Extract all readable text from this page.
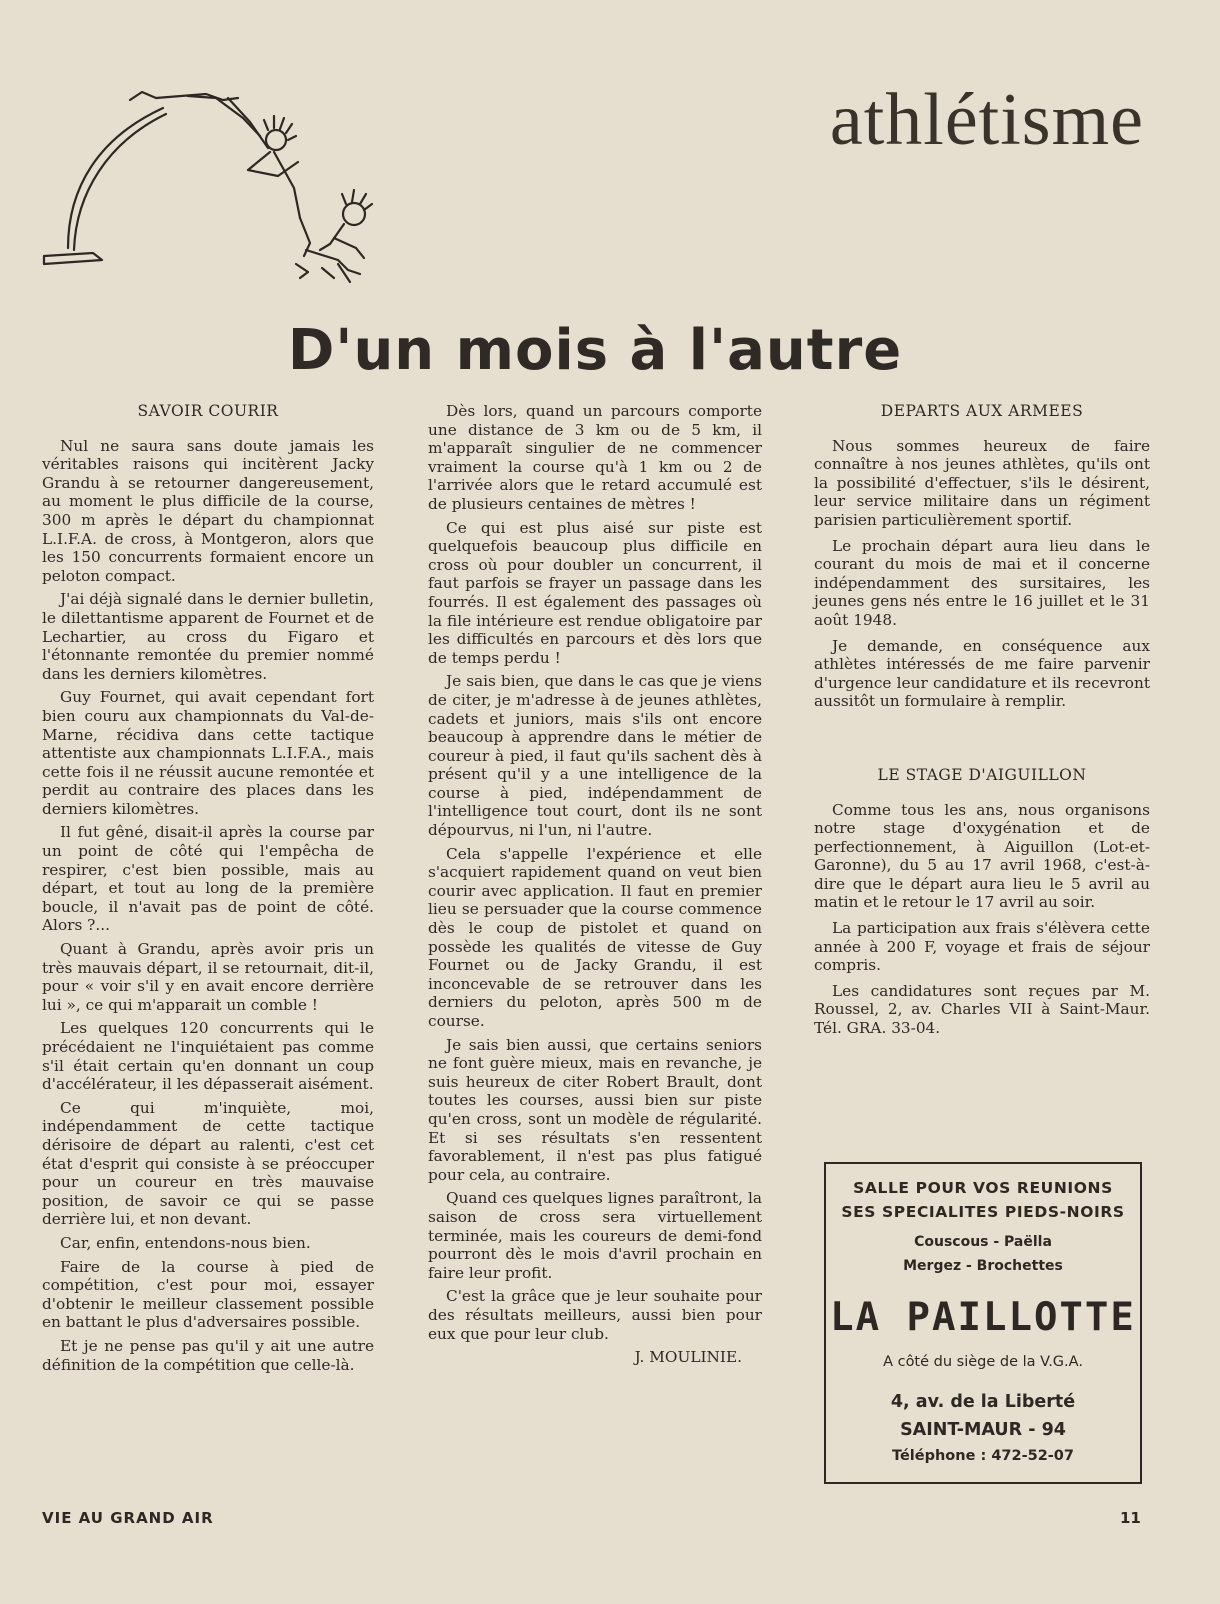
athlétisme
D'un mois à l'autre
SAVOIR COURIR

Nul ne saura sans doute jamais les véritables raisons qui incitèrent Jacky Grandu à se retourner dangereusement, au moment le plus difficile de la course, 300 m après le départ du championnat L.I.F.A. de cross, à Montgeron, alors que les 150 concurrents formaient encore un peloton compact.

J'ai déjà signalé dans le dernier bulletin, le dilettantisme apparent de Fournet et de Lechartier, au cross du Figaro et l'étonnante remontée du premier nommé dans les derniers kilomètres.

Guy Fournet, qui avait cependant fort bien couru aux championnats du Val-de-Marne, récidiva dans cette tactique attentiste aux championnats L.I.F.A., mais cette fois il ne réussit aucune remontée et perdit au contraire des places dans les derniers kilomètres.

Il fut gêné, disait-il après la course par un point de côté qui l'empêcha de respirer, c'est bien possible, mais au départ, et tout au long de la première boucle, il n'avait pas de point de côté. Alors ?...

Quant à Grandu, après avoir pris un très mauvais départ, il se retournait, dit-il, pour « voir s'il y en avait encore derrière lui », ce qui m'apparait un comble !

Les quelques 120 concurrents qui le précédaient ne l'inquiétaient pas comme s'il était certain qu'en donnant un coup d'accélérateur, il les dépasserait aisément.

Ce qui m'inquiète, moi, indépendamment de cette tactique dérisoire de départ au ralenti, c'est cet état d'esprit qui consiste à se préoccuper pour un coureur en très mauvaise position, de savoir ce qui se passe derrière lui, et non devant.

Car, enfin, entendons-nous bien.

Faire de la course à pied de compétition, c'est pour moi, essayer d'obtenir le meilleur classement possible en battant le plus d'adversaires possible.

Et je ne pense pas qu'il y ait une autre définition de la compétition que celle-là.

Dès lors, quand un parcours comporte une distance de 3 km ou de 5 km, il m'apparaît singulier de ne commencer vraiment la course qu'à 1 km ou 2 de l'arrivée alors que le retard accumulé est de plusieurs centaines de mètres !

Ce qui est plus aisé sur piste est quelquefois beaucoup plus difficile en cross où pour doubler un concurrent, il faut parfois se frayer un passage dans les fourrés. Il est également des passages où la file intérieure est rendue obligatoire par les difficultés en parcours et dès lors que de temps perdu !

Je sais bien, que dans le cas que je viens de citer, je m'adresse à de jeunes athlètes, cadets et juniors, mais s'ils ont encore beaucoup à apprendre dans le métier de coureur à pied, il faut qu'ils sachent dès à présent qu'il y a une intelligence de la course à pied, indépendamment de l'intelligence tout court, dont ils ne sont dépourvus, ni l'un, ni l'autre.

Cela s'appelle l'expérience et elle s'acquiert rapidement quand on veut bien courir avec application. Il faut en premier lieu se persuader que la course commence dès le coup de pistolet et quand on possède les qualités de vitesse de Guy Fournet ou de Jacky Grandu, il est inconcevable de se retrouver dans les derniers du peloton, après 500 m de course.

Je sais bien aussi, que certains seniors ne font guère mieux, mais en revanche, je suis heureux de citer Robert Brault, dont toutes les courses, aussi bien sur piste qu'en cross, sont un modèle de régularité. Et si ses résultats s'en ressentent favorablement, il n'est pas plus fatigué pour cela, au contraire.

Quand ces quelques lignes paraîtront, la saison de cross sera virtuellement terminée, mais les coureurs de demi-fond pourront dès le mois d'avril prochain en faire leur profit.

C'est la grâce que je leur souhaite pour des résultats meilleurs, aussi bien pour eux que pour leur club.

J. MOULINIE.

DEPARTS AUX ARMEES

Nous sommes heureux de faire connaître à nos jeunes athlètes, qu'ils ont la possibilité d'effectuer, s'ils le désirent, leur service militaire dans un régiment parisien particulièrement sportif.

Le prochain départ aura lieu dans le courant du mois de mai et il concerne indépendamment des sursitaires, les jeunes gens nés entre le 16 juillet et le 31 août 1948.

Je demande, en conséquence aux athlètes intéressés de me faire parvenir d'urgence leur candidature et ils recevront aussitôt un formulaire à remplir.

LE STAGE D'AIGUILLON

Comme tous les ans, nous organisons notre stage d'oxygénation et de perfectionnement, à Aiguillon (Lot-et-Garonne), du 5 au 17 avril 1968, c'est-à-dire que le départ aura lieu le 5 avril au matin et le retour le 17 avril au soir.

La participation aux frais s'élèvera cette année à 200 F, voyage et frais de séjour compris.

Les candidatures sont reçues par M. Roussel, 2, av. Charles VII à Saint-Maur. Tél. GRA. 33-04.

SALLE POUR VOS REUNIONS
SES SPECIALITES PIEDS-NOIRS
Couscous - Paëlla
Mergez - Brochettes
LA PAILLOTTE
A côté du siège de la V.G.A.
4, av. de la Liberté
SAINT-MAUR - 94
Téléphone : 472-52-07
VIE AU GRAND AIR	11
